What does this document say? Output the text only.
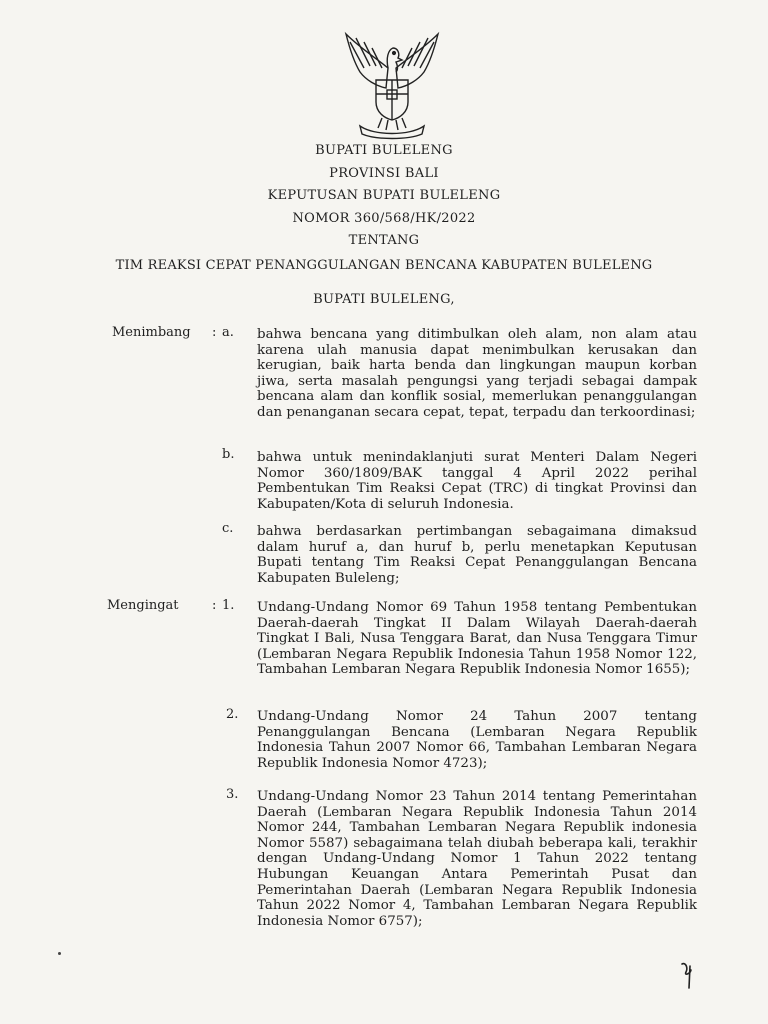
BUPATI BULELENG
PROVINSI BALI
KEPUTUSAN BUPATI BULELENG
NOMOR 360/568/HK/2022
TENTANG
TIM REAKSI CEPAT PENANGGULANGAN BENCANA KABUPATEN BULELENG
BUPATI BULELENG,
Menimbang : a. bahwa bencana yang ditimbulkan oleh alam, non alam atau karena ulah manusia dapat menimbulkan kerusakan dan kerugian, baik harta benda dan lingkungan maupun korban jiwa, serta masalah pengungsi yang terjadi sebagai dampak bencana alam dan konflik sosial, memerlukan penanggulangan dan penanganan secara cepat, tepat, terpadu dan terkoordinasi;

b. bahwa untuk menindaklanjuti surat Menteri Dalam Negeri Nomor 360/1809/BAK tanggal 4 April 2022 perihal Pembentukan Tim Reaksi Cepat (TRC) di tingkat Provinsi dan Kabupaten/Kota di seluruh Indonesia.

c. bahwa berdasarkan pertimbangan sebagaimana dimaksud dalam huruf a, dan huruf b, perlu menetapkan Keputusan Bupati tentang Tim Reaksi Cepat Penanggulangan Bencana Kabupaten Buleleng;

Mengingat	: 1. Undang-Undang Nomor 69 Tahun 1958 tentang Pembentukan Daerah-daerah Tingkat II Dalam Wilayah Daerah-daerah Tingkat I Bali, Nusa Tenggara Barat, dan Nusa Tenggara Timur (Lembaran Negara Republik Indonesia Tahun 1958 Nomor 122, Tambahan Lembaran Negara Republik Indonesia Nomor 1655);

2. Undang-Undang Nomor 24 Tahun 2007 tentang Penanggulangan Bencana (Lembaran Negara Republik Indonesia Tahun 2007 Nomor 66, Tambahan Lembaran Negara Republik Indonesia Nomor 4723);

3. Undang-Undang Nomor 23 Tahun 2014 tentang Pemerintahan Daerah (Lembaran Negara Republik Indonesia Tahun 2014 Nomor 244, Tambahan Lembaran Negara Republik indonesia Nomor 5587) sebagaimana telah diubah beberapa kali, terakhir dengan Undang-Undang Nomor 1 Tahun 2022 tentang Hubungan Keuangan Antara Pemerintah Pusat dan Pemerintahan Daerah (Lembaran Negara Republik Indonesia Tahun 2022 Nomor 4, Tambahan Lembaran Negara Republik Indonesia Nomor 6757);
